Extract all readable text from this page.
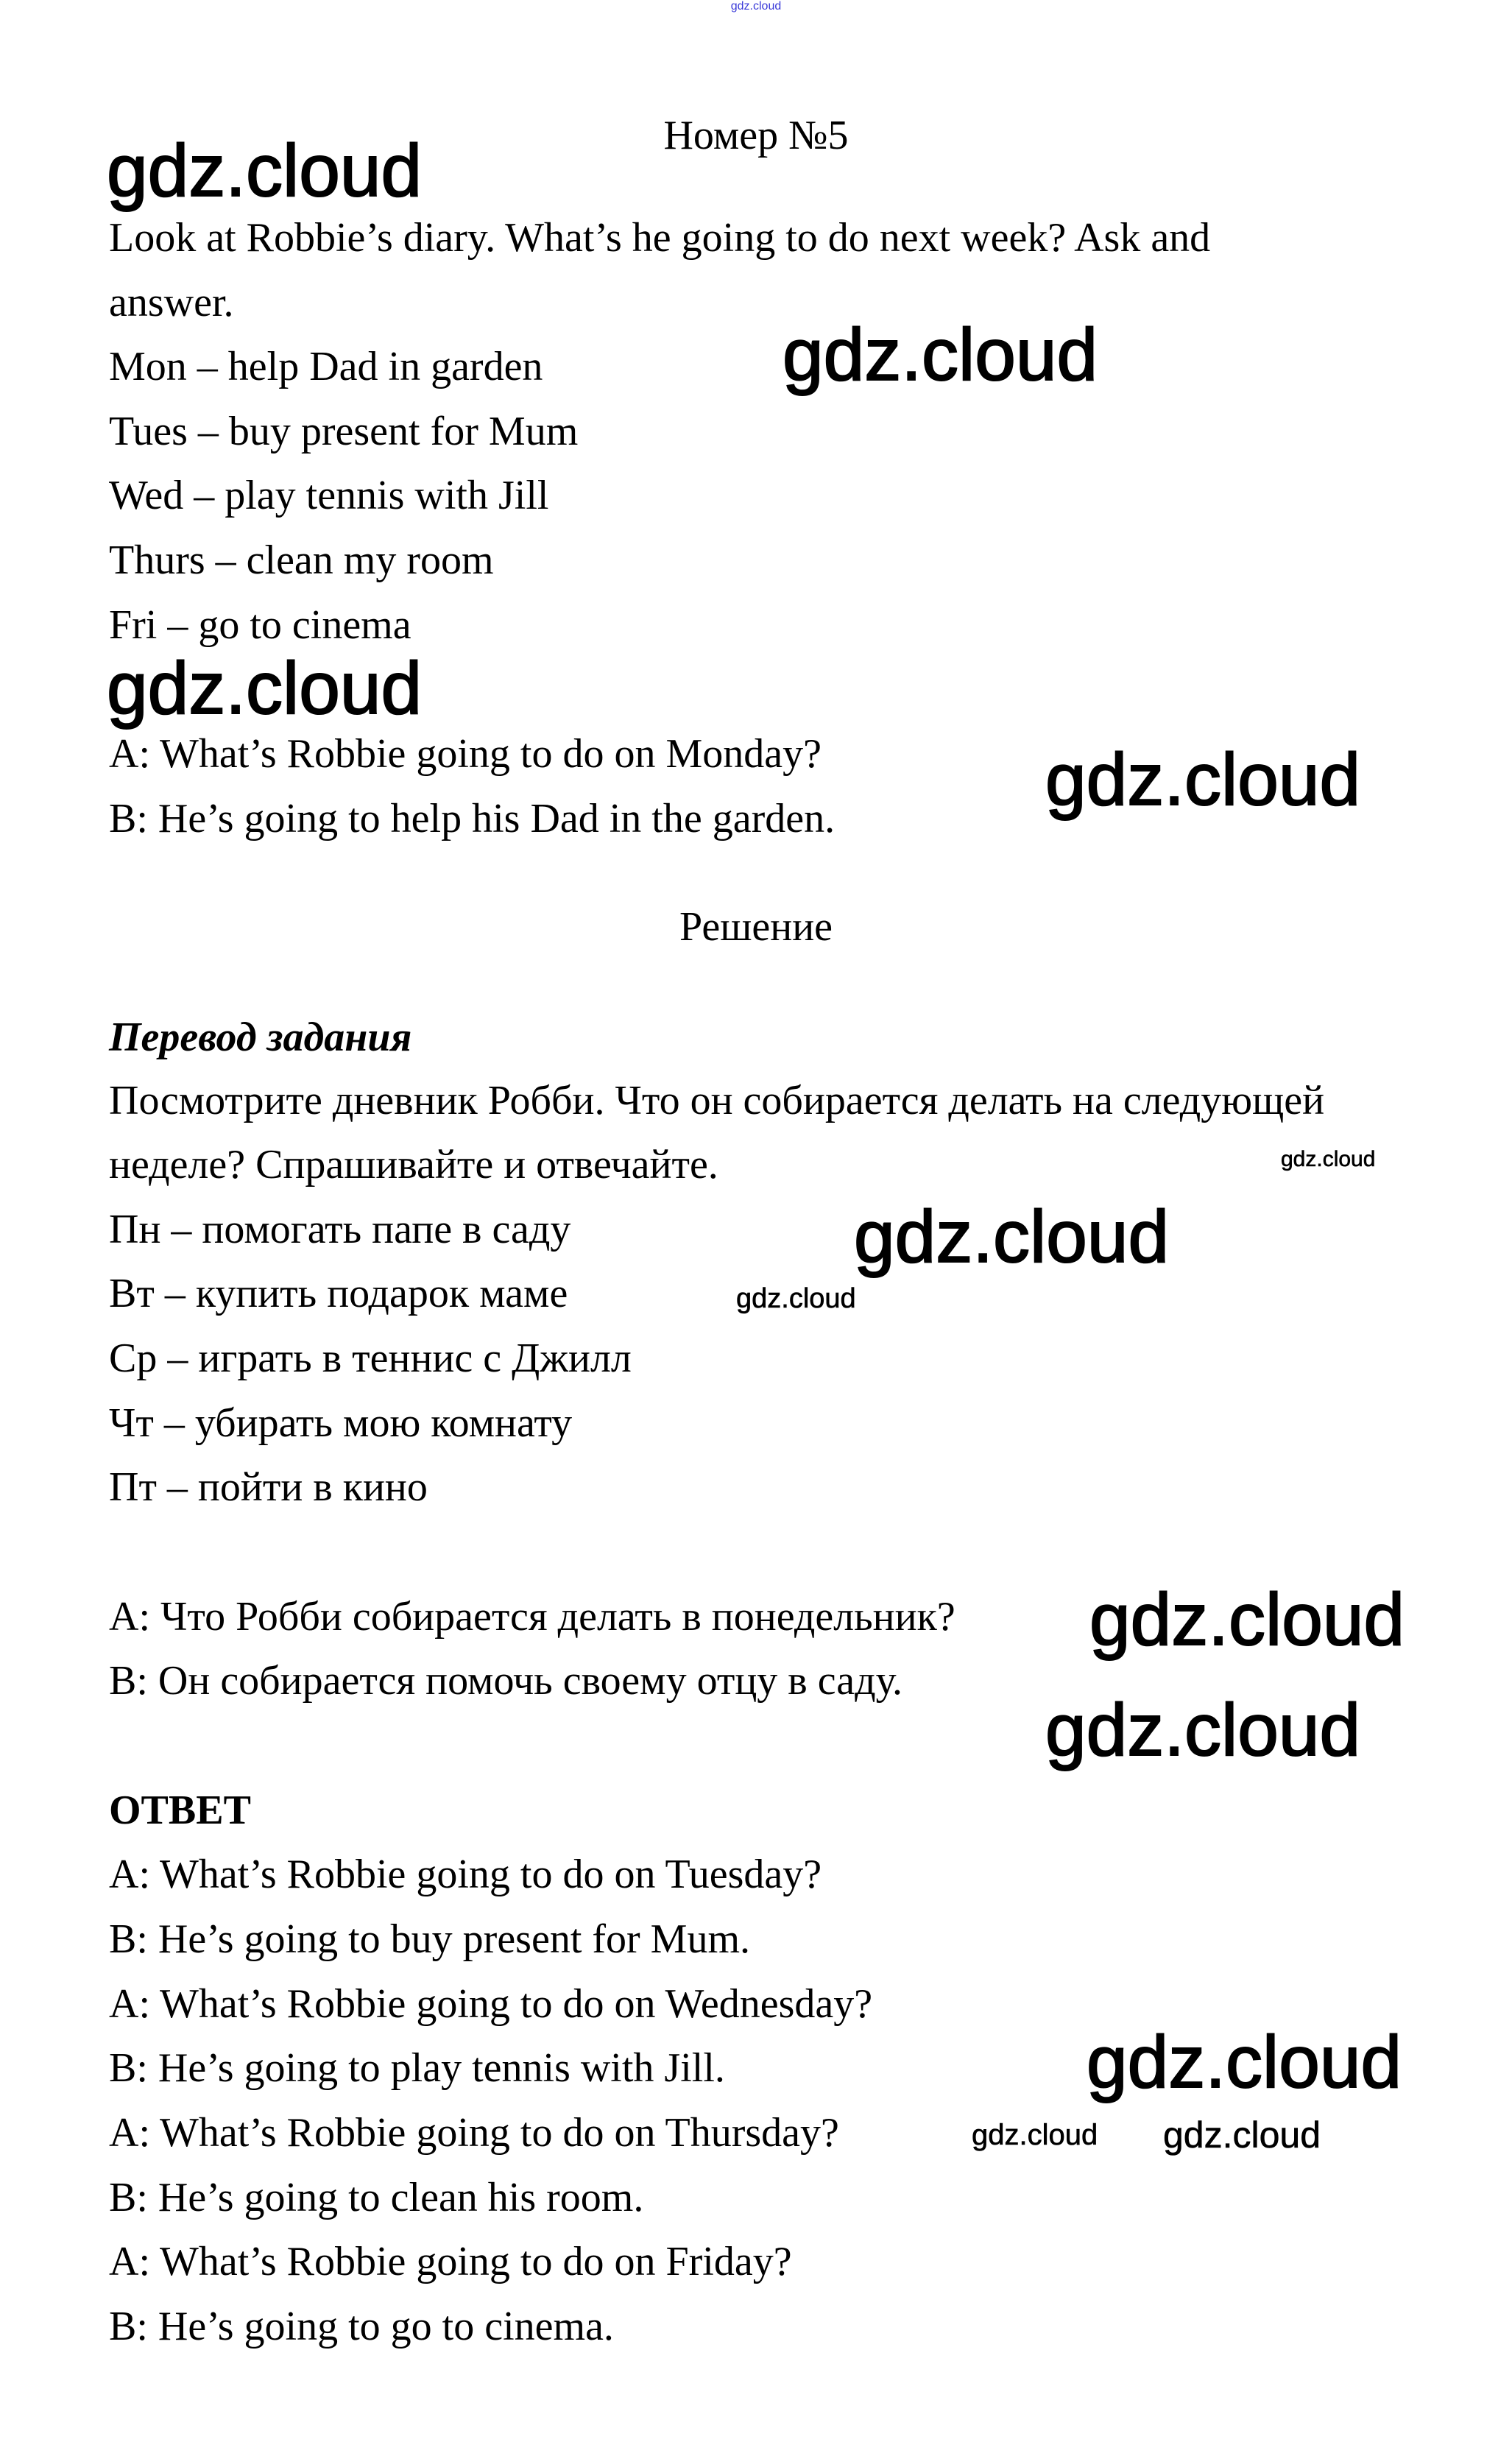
gdz.cloud
Номер №5
Look at Robbie’s diary. What’s he going to do next week? Ask and
answer.
Mon – help Dad in garden
Tues – buy present for Mum
Wed – play tennis with Jill
Thurs – clean my room
Fri – go to cinema
A: What’s Robbie going to do on Monday?
B: He’s going to help his Dad in the garden.
Решение
Перевод задания
Посмотрите дневник Робби. Что он собирается делать на следующей
неделе? Спрашивайте и отвечайте.
Пн – помогать папе в саду
Вт – купить подарок маме
Ср – играть в теннис с Джилл
Чт – убирать мою комнату
Пт – пойти в кино
A: Что Робби собирается делать в понедельник?
B: Он собирается помочь своему отцу в саду.
ОТВЕТ
A: What’s Robbie going to do on Tuesday?
B: He’s going to buy present for Mum.
A: What’s Robbie going to do on Wednesday?
B: He’s going to play tennis with Jill.
A: What’s Robbie going to do on Thursday?
B: He’s going to clean his room.
A: What’s Robbie going to do on Friday?
B: He’s going to go to cinema.
gdz.cloud
gdz.cloud
gdz.cloud
gdz.cloud
gdz.cloud
gdz.cloud
gdz.cloud
gdz.cloud
gdz.cloud
gdz.cloud
gdz.cloud gdz.cloud
